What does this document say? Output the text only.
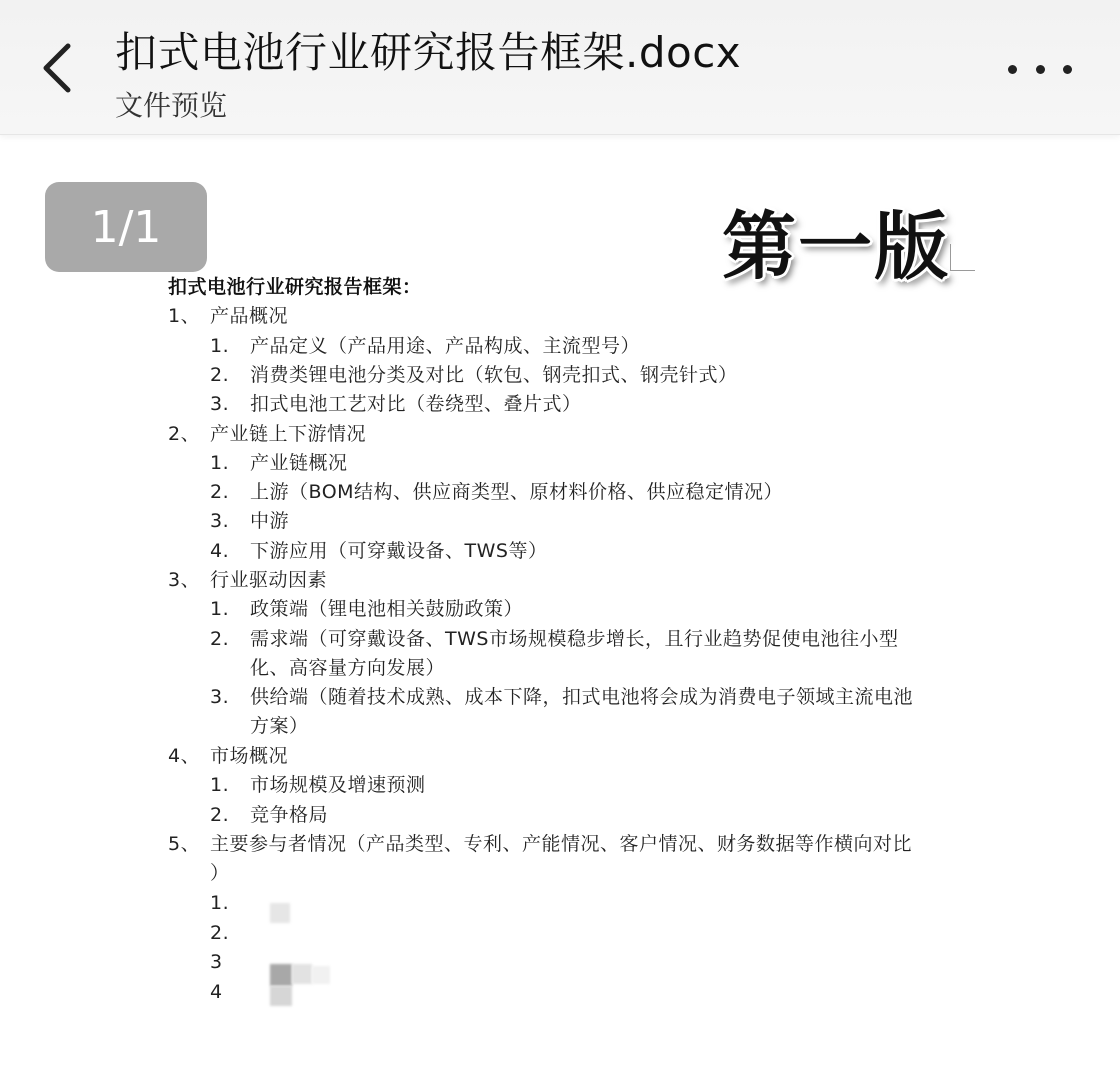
扣式电池行业研究报告框架.docx
文件预览
1/1	第一版
扣式电池行业研究报告框架：
1、 产品概况
1. 产品定义（产品用途、产品构成、主流型号）
2. 消费类锂电池分类及对比（软包、钢壳扣式、钢壳针式）
3. 扣式电池工艺对比（卷绕型、叠片式）
2、 产业链上下游情况
1. 产业链概况
2. 上游（BOM结构、供应商类型、原材料价格、供应稳定情况）
3. 中游
4. 下游应用（可穿戴设备、TWS等）
3、 行业驱动因素
1. 政策端（锂电池相关鼓励政策）
2. 需求端（可穿戴设备、TWS市场规模稳步增长，且行业趋势促使电池往小型
化、高容量方向发展）
3. 供给端（随着技术成熟、成本下降，扣式电池将会成为消费电子领域主流电池
方案）
4、 市场概况
1. 市场规模及增速预测
2. 竞争格局
5、 主要参与者情况（产品类型、专利、产能情况、客户情况、财务数据等作横向对比
）
1.
2.
3
4
